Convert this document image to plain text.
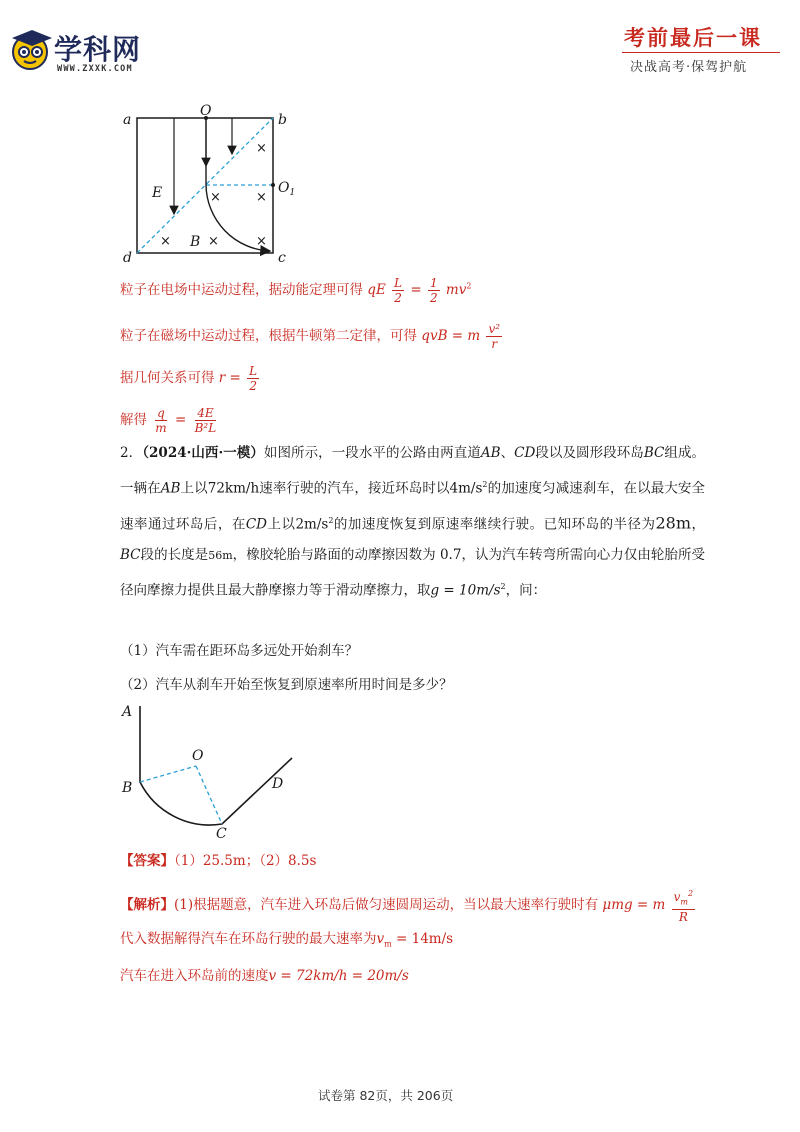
学科网
WWW.ZXXK.COM
考前最后一课
决战高考·保驾护航
a
O
b
$O_1$
E
B
d	c
×
×	×
×	×	×
粒子在电场中运动过程，据动能定理可得 qE $\frac{L}{2} = \frac{1}{2} mv^2$
粒子在磁场中运动过程，根据牛顿第二定律，可得 qvB = m $\frac{\text{v²}}{r}$
据几何关系可得 $r = \frac{L}{2}$
解得 $\frac{q}{m} = \frac{4E}{\text{B²L}}$
2．（2024·山西·一模）如图所示，一段水平的公路由两直道AB、CD段以及圆形段环岛BC组成。一辆在AB上以72km/h速率行驶的汽车，接近环岛时以$4m/s^2$的加速度匀减速刹车，在以最大安全速率通过环岛后，在CD上以$2m/s^2$的加速度恢复到原速率继续行驶。已知环岛的半径为28m，BC段的长度是56m，橡胶轮胎与路面的动摩擦因数为 0.7，认为汽车转弯所需向心力仅由轮胎所受径向摩擦力提供且最大静摩擦力等于滑动摩擦力，取$g = 10m/s^2$，问：
（1）汽车需在距环岛多远处开始刹车？
（2）汽车从刹车开始至恢复到原速率所用时间是多少？
A
O
B	D
C
【答案】（1）25.5m；（2）8.5s
【解析】(1)根据题意，汽车进入环岛后做匀速圆周运动，当以最大速率行驶时有 μmg = m $\frac{v_m^2}{R}$
代入数据解得汽车在环岛行驶的最大速率为$v_m = 14m/s$
汽车在进入环岛前的速度v = 72km/h = 20m/s
试卷第 82页，共 206页
